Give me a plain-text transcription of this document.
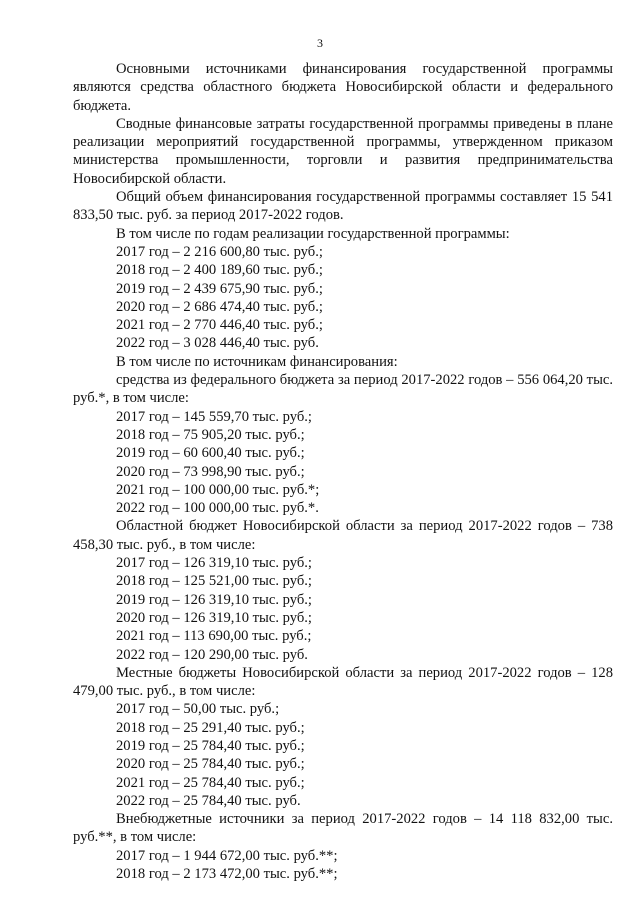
3

Основными источниками финансирования государственной программы являются средства областного бюджета Новосибирской области и федерального бюджета.

Сводные финансовые затраты государственной программы приведены в плане реализации мероприятий государственной программы, утвержденном приказом министерства промышленности, торговли и развития предпринимательства Новосибирской области.

Общий объем финансирования государственной программы составляет 15 541 833,50 тыс. руб. за период 2017-2022 годов.

В том числе по годам реализации государственной программы:

2017 год – 2 216 600,80 тыс. руб.;

2018 год – 2 400 189,60 тыс. руб.;

2019 год – 2 439 675,90 тыс. руб.;

2020 год – 2 686 474,40 тыс. руб.;

2021 год – 2 770 446,40 тыс. руб.;

2022 год – 3 028 446,40 тыс. руб.

В том числе по источникам финансирования:

средства из федерального бюджета за период 2017-2022 годов – 556 064,20 тыс. руб.*, в том числе:

2017 год – 145 559,70 тыс. руб.;

2018 год – 75 905,20 тыс. руб.;

2019 год – 60 600,40 тыс. руб.;

2020 год – 73 998,90 тыс. руб.;

2021 год – 100 000,00 тыс. руб.*;

2022 год – 100 000,00 тыс. руб.*.

Областной бюджет Новосибирской области за период 2017-2022 годов – 738 458,30 тыс. руб., в том числе:

2017 год – 126 319,10 тыс. руб.;

2018 год – 125 521,00 тыс. руб.;

2019 год – 126 319,10 тыс. руб.;

2020 год – 126 319,10 тыс. руб.;

2021 год – 113 690,00 тыс. руб.;

2022 год – 120 290,00 тыс. руб.

Местные бюджеты Новосибирской области за период 2017-2022 годов – 128 479,00 тыс. руб., в том числе:

2017 год – 50,00 тыс. руб.;

2018 год – 25 291,40 тыс. руб.;

2019 год – 25 784,40 тыс. руб.;

2020 год – 25 784,40 тыс. руб.;

2021 год – 25 784,40 тыс. руб.;

2022 год – 25 784,40 тыс. руб.

Внебюджетные источники за период 2017-2022 годов – 14 118 832,00 тыс. руб.**, в том числе:

2017 год – 1 944 672,00 тыс. руб.**;

2018 год – 2 173 472,00 тыс. руб.**;
